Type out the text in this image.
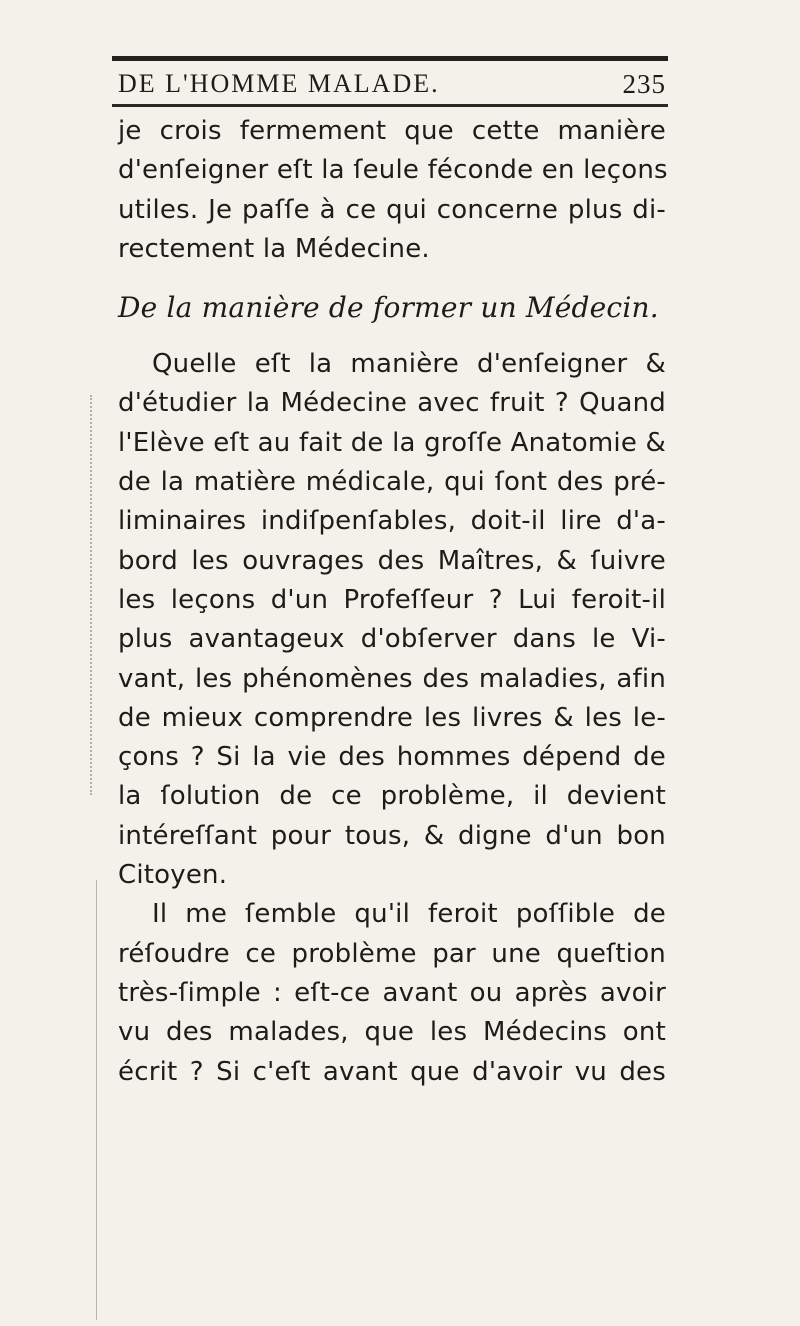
DE L'HOMME MALADE.	235
je crois fermement que cette manière
d'enſeigner eſt la ſeule féconde en leçons
utiles. Je paſſe à ce qui concerne plus di-
rectement la Médecine.
De la manière de former un Médecin.
Quelle eſt la manière d'enſeigner &
d'étudier la Médecine avec fruit ? Quand
l'Elève eſt au fait de la groſſe Anatomie &
de la matière médicale, qui ſont des pré-
liminaires indiſpenſables, doit-il lire d'a-
bord les ouvrages des Maîtres, & ſuivre
les leçons d'un Profeſſeur ? Lui feroit-il
plus avantageux d'obſerver dans le Vi-
vant, les phénomènes des maladies, afin
de mieux comprendre les livres & les le-
çons ? Si la vie des hommes dépend de
la ſolution de ce problème, il devient
intéreſſant pour tous, & digne d'un bon
Citoyen.
Il me ſemble qu'il feroit poſſible de
réſoudre ce problème par une queſtion
très-ſimple : eſt-ce avant ou après avoir
vu des malades, que les Médecins ont
écrit ? Si c'eſt avant que d'avoir vu des
